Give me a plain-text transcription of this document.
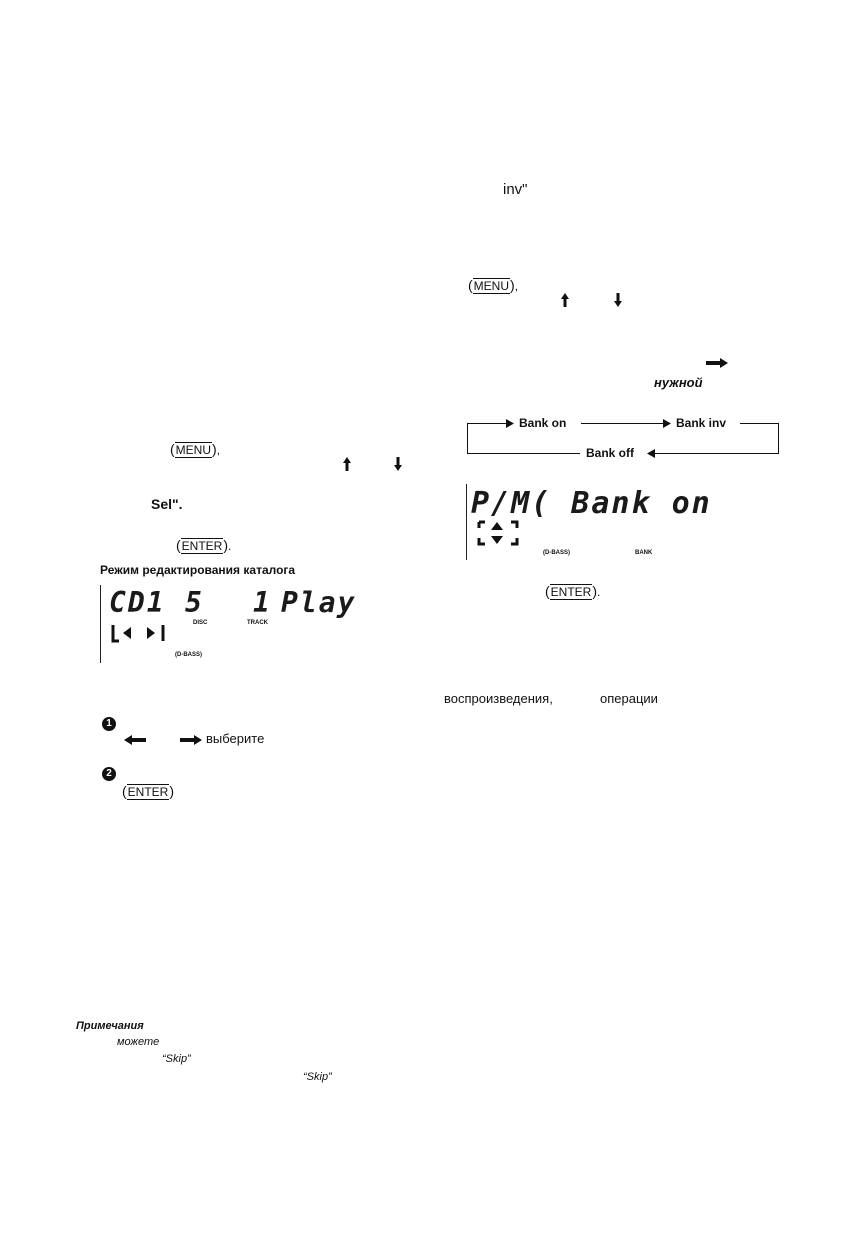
inv"
(MENU),
нужной
Bank on	Bank inv
Bank off
P/M( Bank on
(D-BASS)	BANK
(ENTER).
воспроизведения,	операции
(MENU),
Sel".
(ENTER).
Режим редактирования каталога
CD1 5 1 Play
DISC	TRACK
(D-BASS)
1
выберите
2
(ENTER)
Примечания
можете
“Skip”
“Skip”
